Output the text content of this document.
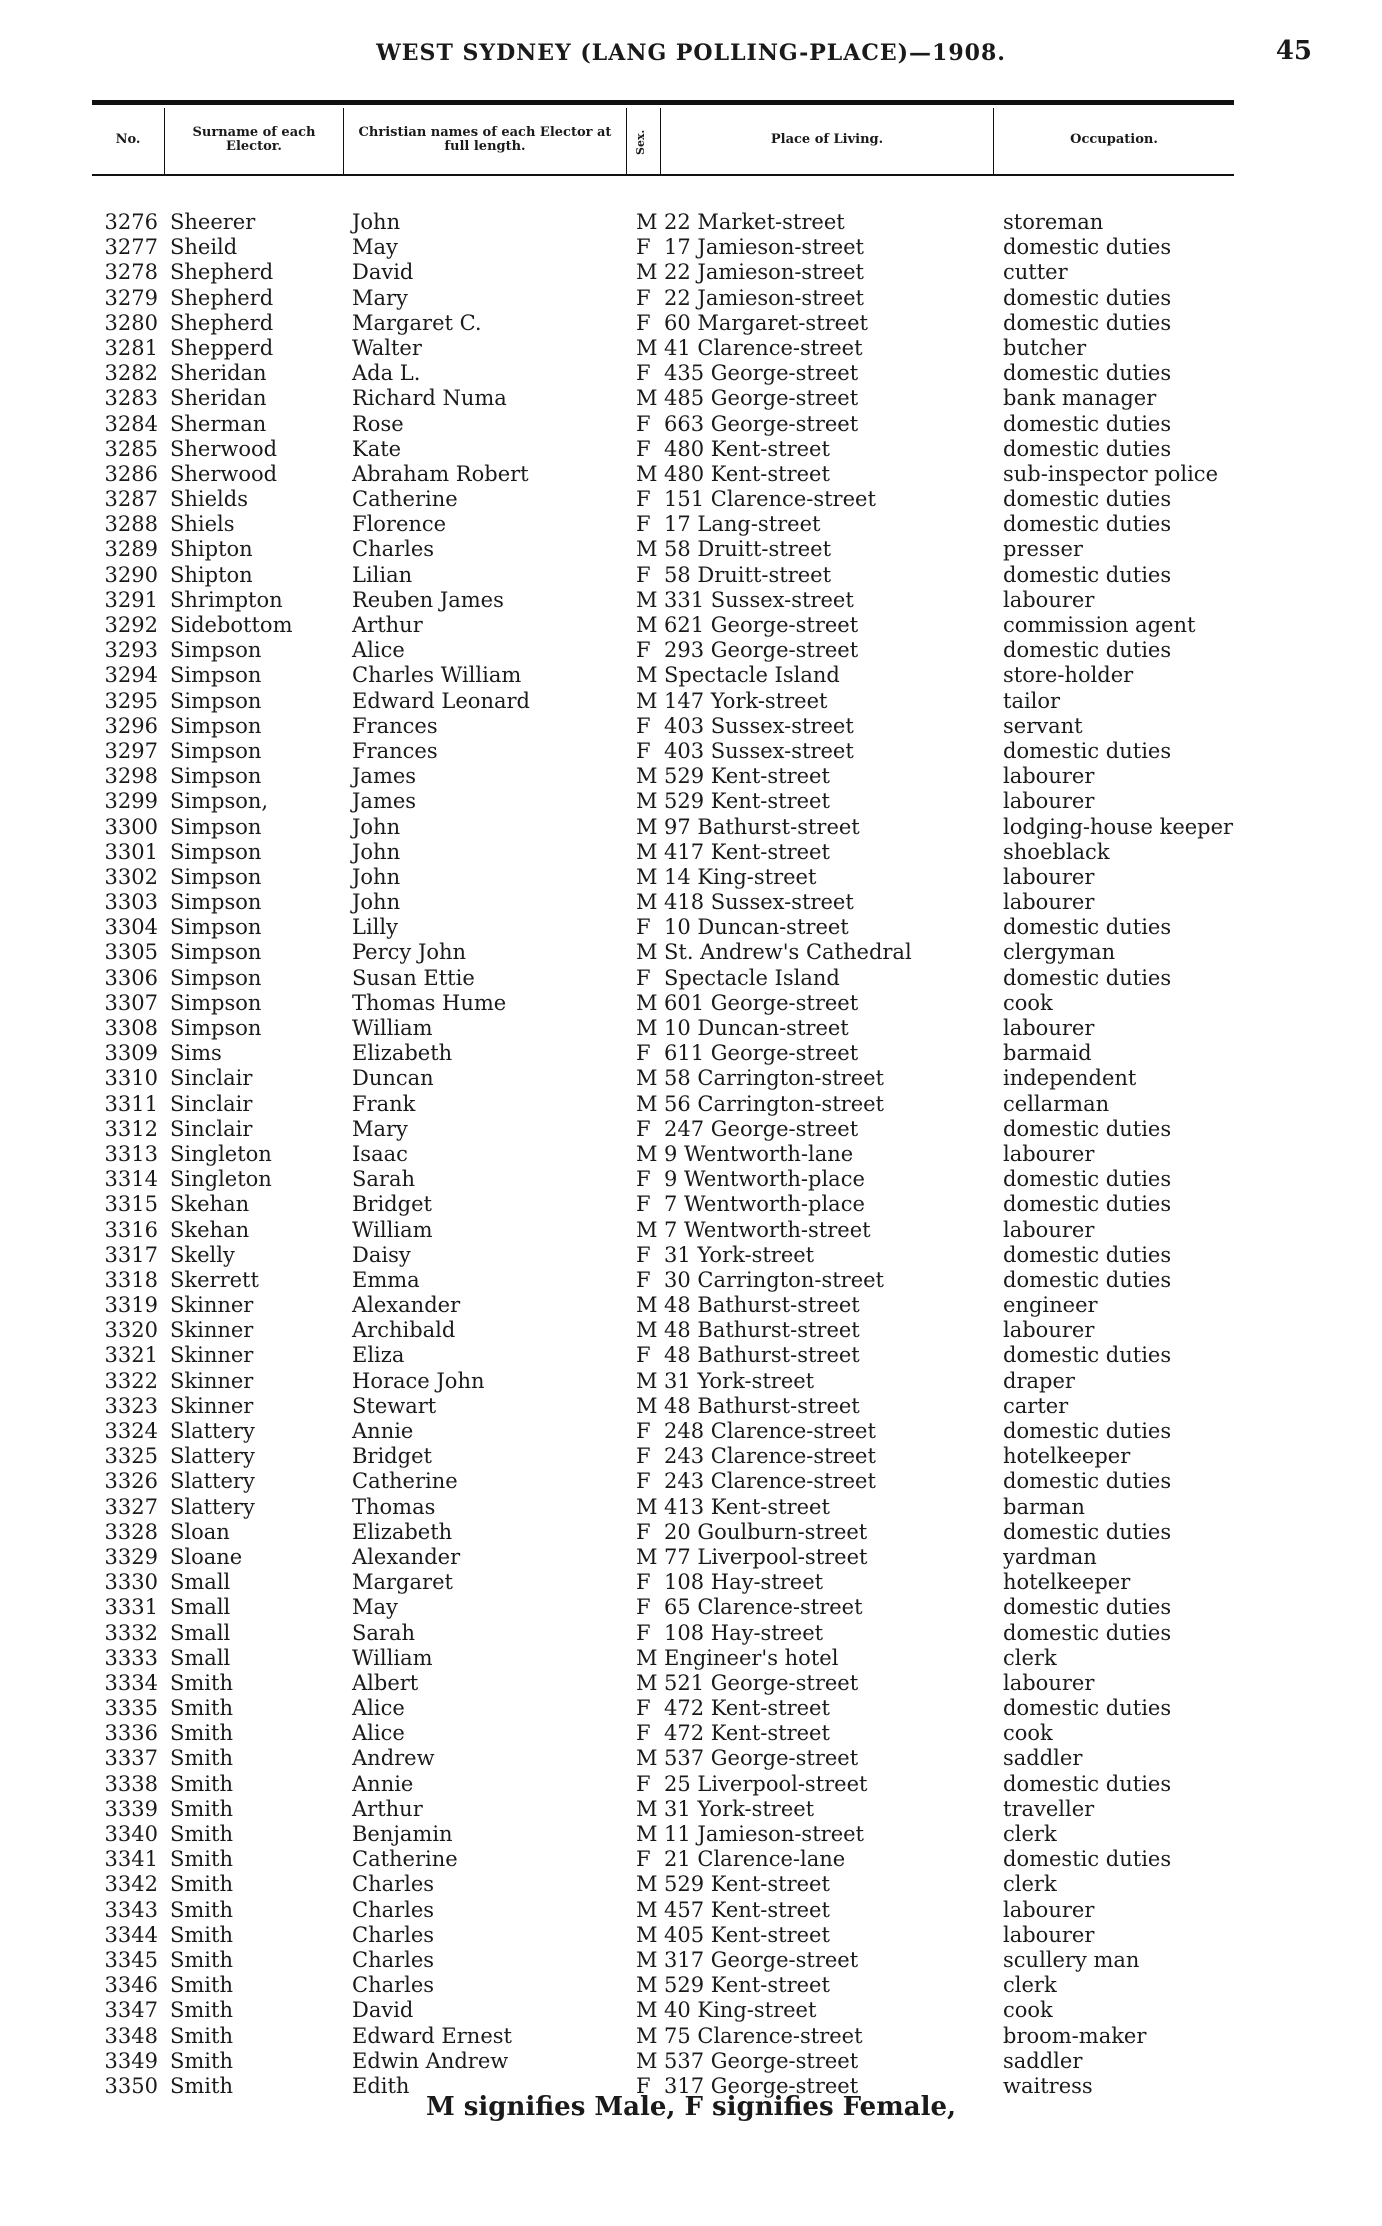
WEST SYDNEY (LANG POLLING-PLACE)—1908.	45
No.	Surname of each Elector.
Christian names of each Elector at full length.	Sex.	Place of Living.	Occupation.
3276 Sheerer	John	M 22 Market-street	storeman
3277 Sheild	May	F 17 Jamieson-street	domestic duties
3278 Shepherd	David	M 22 Jamieson-street	cutter
3279 Shepherd	Mary	F 22 Jamieson-street	domestic duties
3280 Shepherd	Margaret C.	F 60 Margaret-street	domestic duties
3281 Shepperd	Walter	M 41 Clarence-street	butcher
3282 Sheridan	Ada L.	F 435 George-street	domestic duties
3283 Sheridan	Richard Numa	M 485 George-street	bank manager
3284 Sherman	Rose	F 663 George-street	domestic duties
3285 Sherwood	Kate	F 480 Kent-street	domestic duties
3286 Sherwood	Abraham Robert	M 480 Kent-street	sub-inspector police
3287 Shields	Catherine	F 151 Clarence-street	domestic duties
3288 Shiels	Florence	F 17 Lang-street	domestic duties
3289 Shipton	Charles	M 58 Druitt-street	presser
3290 Shipton	Lilian	F 58 Druitt-street	domestic duties
3291 Shrimpton	Reuben James	M 331 Sussex-street	labourer
3292 Sidebottom	Arthur	M 621 George-street	commission agent
3293 Simpson	Alice	F 293 George-street	domestic duties
3294 Simpson	Charles William	M Spectacle Island	store-holder
3295 Simpson	Edward Leonard	M 147 York-street	tailor
3296 Simpson	Frances	F 403 Sussex-street	servant
3297 Simpson	Frances	F 403 Sussex-street	domestic duties
3298 Simpson	James	M 529 Kent-street	labourer
3299 Simpson,	James	M 529 Kent-street	labourer
3300 Simpson	John	M 97 Bathurst-street	lodging-house keeper
3301 Simpson	John	M 417 Kent-street	shoeblack
3302 Simpson	John	M 14 King-street	labourer
3303 Simpson	John	M 418 Sussex-street	labourer
3304 Simpson	Lilly	F 10 Duncan-street	domestic duties
3305 Simpson	Percy John	M St. Andrew's Cathedral	clergyman
3306 Simpson	Susan Ettie	F Spectacle Island	domestic duties
3307 Simpson	Thomas Hume	M 601 George-street	cook
3308 Simpson	William	M 10 Duncan-street	labourer
3309 Sims	Elizabeth	F 611 George-street	barmaid
3310 Sinclair	Duncan	M 58 Carrington-street	independent
3311 Sinclair	Frank	M 56 Carrington-street	cellarman
3312 Sinclair	Mary	F 247 George-street	domestic duties
3313 Singleton	Isaac	M 9 Wentworth-lane	labourer
3314 Singleton	Sarah	F 9 Wentworth-place	domestic duties
3315 Skehan	Bridget	F 7 Wentworth-place	domestic duties
3316 Skehan	William	M 7 Wentworth-street	labourer
3317 Skelly	Daisy	F 31 York-street	domestic duties
3318 Skerrett	Emma	F 30 Carrington-street	domestic duties
3319 Skinner	Alexander	M 48 Bathurst-street	engineer
3320 Skinner	Archibald	M 48 Bathurst-street	labourer
3321 Skinner	Eliza	F 48 Bathurst-street	domestic duties
3322 Skinner	Horace John	M 31 York-street	draper
3323 Skinner	Stewart	M 48 Bathurst-street	carter
3324 Slattery	Annie	F 248 Clarence-street	domestic duties
3325 Slattery	Bridget	F 243 Clarence-street	hotelkeeper
3326 Slattery	Catherine	F 243 Clarence-street	domestic duties
3327 Slattery	Thomas	M 413 Kent-street	barman
3328 Sloan	Elizabeth	F 20 Goulburn-street	domestic duties
3329 Sloane	Alexander	M 77 Liverpool-street	yardman
3330 Small	Margaret	F 108 Hay-street	hotelkeeper
3331 Small	May	F 65 Clarence-street	domestic duties
3332 Small	Sarah	F 108 Hay-street	domestic duties
3333 Small	William	M Engineer's hotel	clerk
3334 Smith	Albert	M 521 George-street	labourer
3335 Smith	Alice	F 472 Kent-street	domestic duties
3336 Smith	Alice	F 472 Kent-street	cook
3337 Smith	Andrew	M 537 George-street	saddler
3338 Smith	Annie	F 25 Liverpool-street	domestic duties
3339 Smith	Arthur	M 31 York-street	traveller
3340 Smith	Benjamin	M 11 Jamieson-street	clerk
3341 Smith	Catherine	F 21 Clarence-lane	domestic duties
3342 Smith	Charles	M 529 Kent-street	clerk
3343 Smith	Charles	M 457 Kent-street	labourer
3344 Smith	Charles	M 405 Kent-street	labourer
3345 Smith	Charles	M 317 George-street	scullery man
3346 Smith	Charles	M 529 Kent-street	clerk
3347 Smith	David	M 40 King-street	cook
3348 Smith	Edward Ernest	M 75 Clarence-street	broom-maker
3349 Smith	Edwin Andrew	M 537 George-street	saddler
3350 Smith	Edith	F 317 George-street	waitress
M signifies Male, F signifies Female,
